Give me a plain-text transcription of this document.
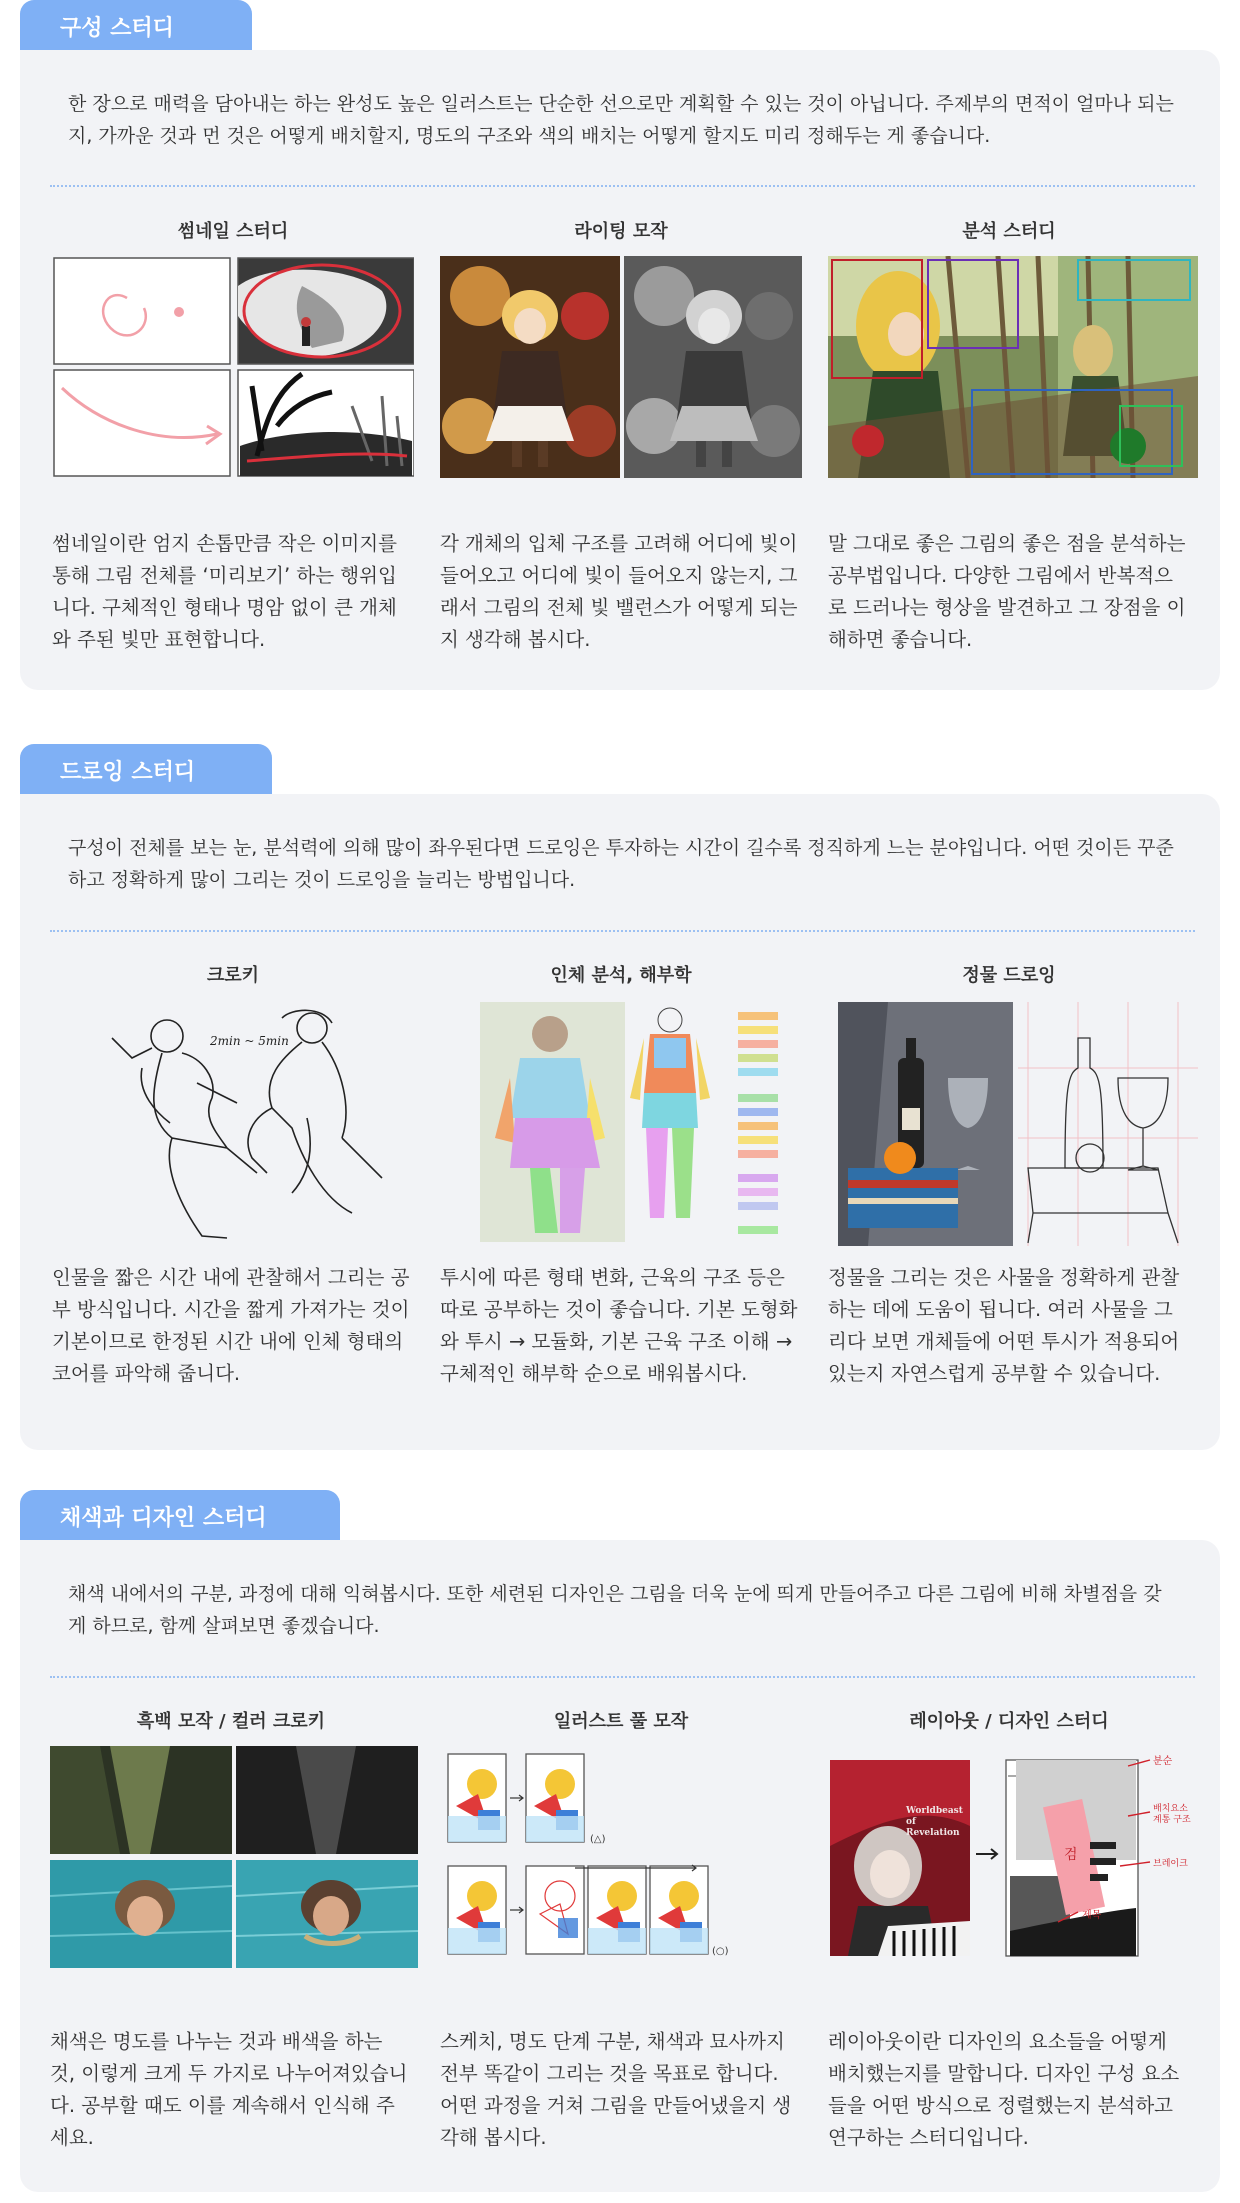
구성 스터디

한 장으로 매력을 담아내는 하는 완성도 높은 일러스트는 단순한 선으로만 계획할 수 있는 것이 아닙니다. 주제부의 면적이 얼마나 되는지, 가까운 것과 먼 것은 어떻게 배치할지, 명도의 구조와 색의 배치는 어떻게 할지도 미리 정해두는 게 좋습니다.

썸네일 스터디

썸네일이란 엄지 손톱만큼 작은 이미지를 통해 그림 전체를 ‘미리보기’ 하는 행위입니다. 구체적인 형태나 명암 없이 큰 개체와 주된 빛만 표현합니다.

라이팅 모작

각 개체의 입체 구조를 고려해 어디에 빛이 들어오고 어디에 빛이 들어오지 않는지, 그래서 그림의 전체 빛 밸런스가 어떻게 되는지 생각해 봅시다.

분석 스터디

말 그대로 좋은 그림의 좋은 점을 분석하는 공부법입니다. 다양한 그림에서 반복적으로 드러나는 형상을 발견하고 그 장점을 이해하면 좋습니다.

드로잉 스터디

구성이 전체를 보는 눈, 분석력에 의해 많이 좌우된다면 드로잉은 투자하는 시간이 길수록 정직하게 느는 분야입니다. 어떤 것이든 꾸준하고 정확하게 많이 그리는 것이 드로잉을 늘리는 방법입니다.

크로키
2min ~ 5min

인물을 짧은 시간 내에 관찰해서 그리는 공부 방식입니다. 시간을 짧게 가져가는 것이 기본이므로 한정된 시간 내에 인체 형태의 코어를 파악해 줍니다.

인체 분석, 해부학

투시에 따른 형태 변화, 근육의 구조 등은 따로 공부하는 것이 좋습니다. 기본 도형화와 투시 → 모듈화, 기본 근육 구조 이해 → 구체적인 해부학 순으로 배워봅시다.

정물 드로잉

정물을 그리는 것은 사물을 정확하게 관찰하는 데에 도움이 됩니다. 여러 사물을 그리다 보면 개체들에 어떤 투시가 적용되어 있는지 자연스럽게 공부할 수 있습니다.

채색과 디자인 스터디

채색 내에서의 구분, 과정에 대해 익혀봅시다. 또한 세련된 디자인은 그림을 더욱 눈에 띄게 만들어주고 다른 그림에 비해 차별점을 갖게 하므로, 함께 살펴보면 좋겠습니다.

흑백 모작 / 컬러 크로키

채색은 명도를 나누는 것과 배색을 하는 것, 이렇게 크게 두 가지로 나누어져있습니다. 공부할 때도 이를 계속해서 인식해 주세요.

일러스트 풀 모작
(△)
(○)

스케치, 명도 단계 구분, 채색과 묘사까지 전부 똑같이 그리는 것을 목표로 합니다. 어떤 과정을 거쳐 그림을 만들어냈을지 생각해 봅시다.

레이아웃 / 디자인 스터디
Worldbeast of Revelation
검
분순
배치요소 계통 구조
브레이크
제목

레이아웃이란 디자인의 요소들을 어떻게 배치했는지를 말합니다. 디자인 구성 요소들을 어떤 방식으로 정렬했는지 분석하고 연구하는 스터디입니다.
